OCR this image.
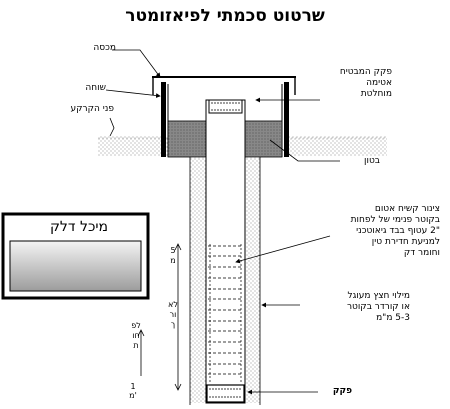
שרטוט סכמתי לפיאזומטר
מכסה
שוחה
פני הקרקע
פקק המבטיח
אטימה
מוחלטת
בטון
צינור קשיח אטום
בקוטר פנימי של לפחות
"2 עטוף בבד גיאוטכני
למניעת חדירת טין
וחומר דק
מילוי חצץ מעוגל
או קורדר בקוטר
5-3 מ"מ
פקק
מיכל דלק
5מ
לאורך
לפחות
1
מ'
